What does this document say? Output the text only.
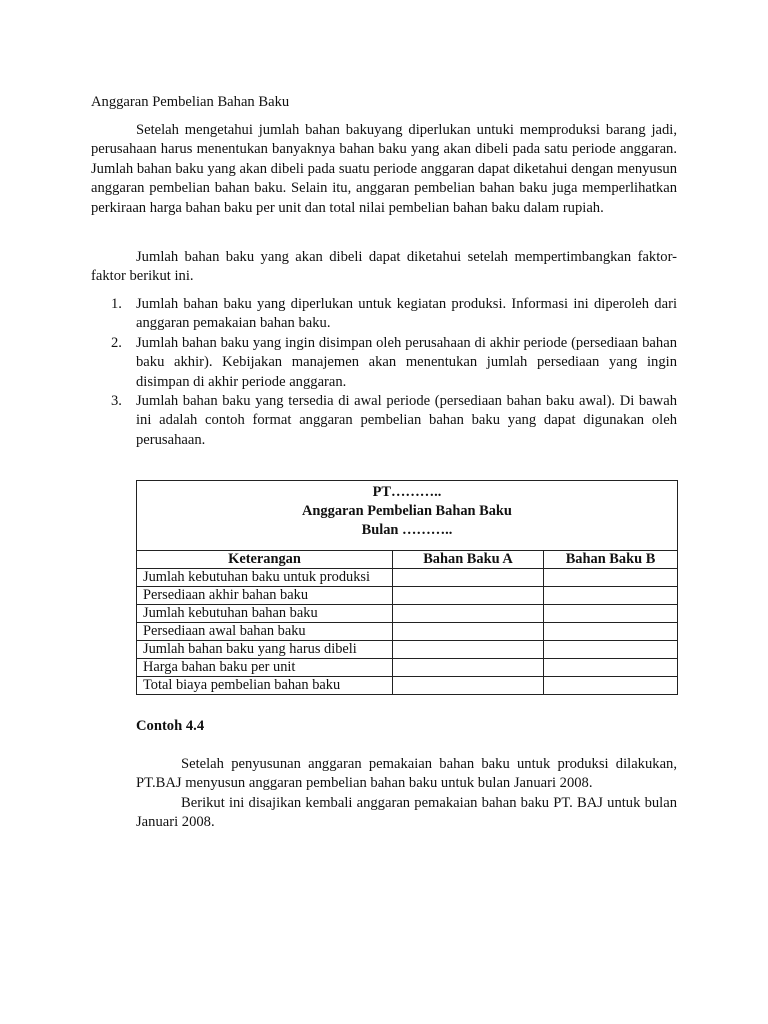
Anggaran Pembelian Bahan Baku
Setelah mengetahui jumlah bahan bakuyang diperlukan untuki memproduksi barang jadi, perusahaan harus menentukan banyaknya bahan baku yang akan dibeli pada satu periode anggaran. Jumlah bahan baku yang akan dibeli pada suatu periode anggaran dapat diketahui dengan menyusun anggaran pembelian bahan baku. Selain itu, anggaran pembelian bahan baku juga memperlihatkan perkiraan harga bahan baku per unit dan total nilai pembelian bahan baku dalam rupiah.
Jumlah bahan baku yang akan dibeli dapat diketahui setelah mempertimbangkan faktor-faktor berikut ini.
1. Jumlah bahan baku yang diperlukan untuk kegiatan produksi. Informasi ini diperoleh dari anggaran pemakaian bahan baku.
2. Jumlah bahan baku yang ingin disimpan oleh perusahaan di akhir periode (persediaan bahan baku akhir). Kebijakan manajemen akan menentukan jumlah persediaan yang ingin disimpan di akhir periode anggaran.
3. Jumlah bahan baku yang tersedia di awal periode (persediaan bahan baku awal). Di bawah ini adalah contoh format anggaran pembelian bahan baku yang dapat digunakan oleh perusahaan.
PT………..
Anggaran Pembelian Bahan Baku
Bulan ………..		

Keterangan	Bahan Baku A	Bahan Baku B
Jumlah kebutuhan baku untuk produksi		
Persediaan akhir bahan baku		
Jumlah kebutuhan bahan baku		
Persediaan awal bahan baku		
Jumlah bahan baku yang harus dibeli		
Harga bahan baku per unit		
Total biaya pembelian bahan baku		
Contoh 4.4
Setelah penyusunan anggaran pemakaian bahan baku untuk produksi dilakukan, PT.BAJ menyusun anggaran pembelian bahan baku untuk bulan Januari 2008.
Berikut ini disajikan kembali anggaran pemakaian bahan baku PT. BAJ untuk bulan Januari 2008.
